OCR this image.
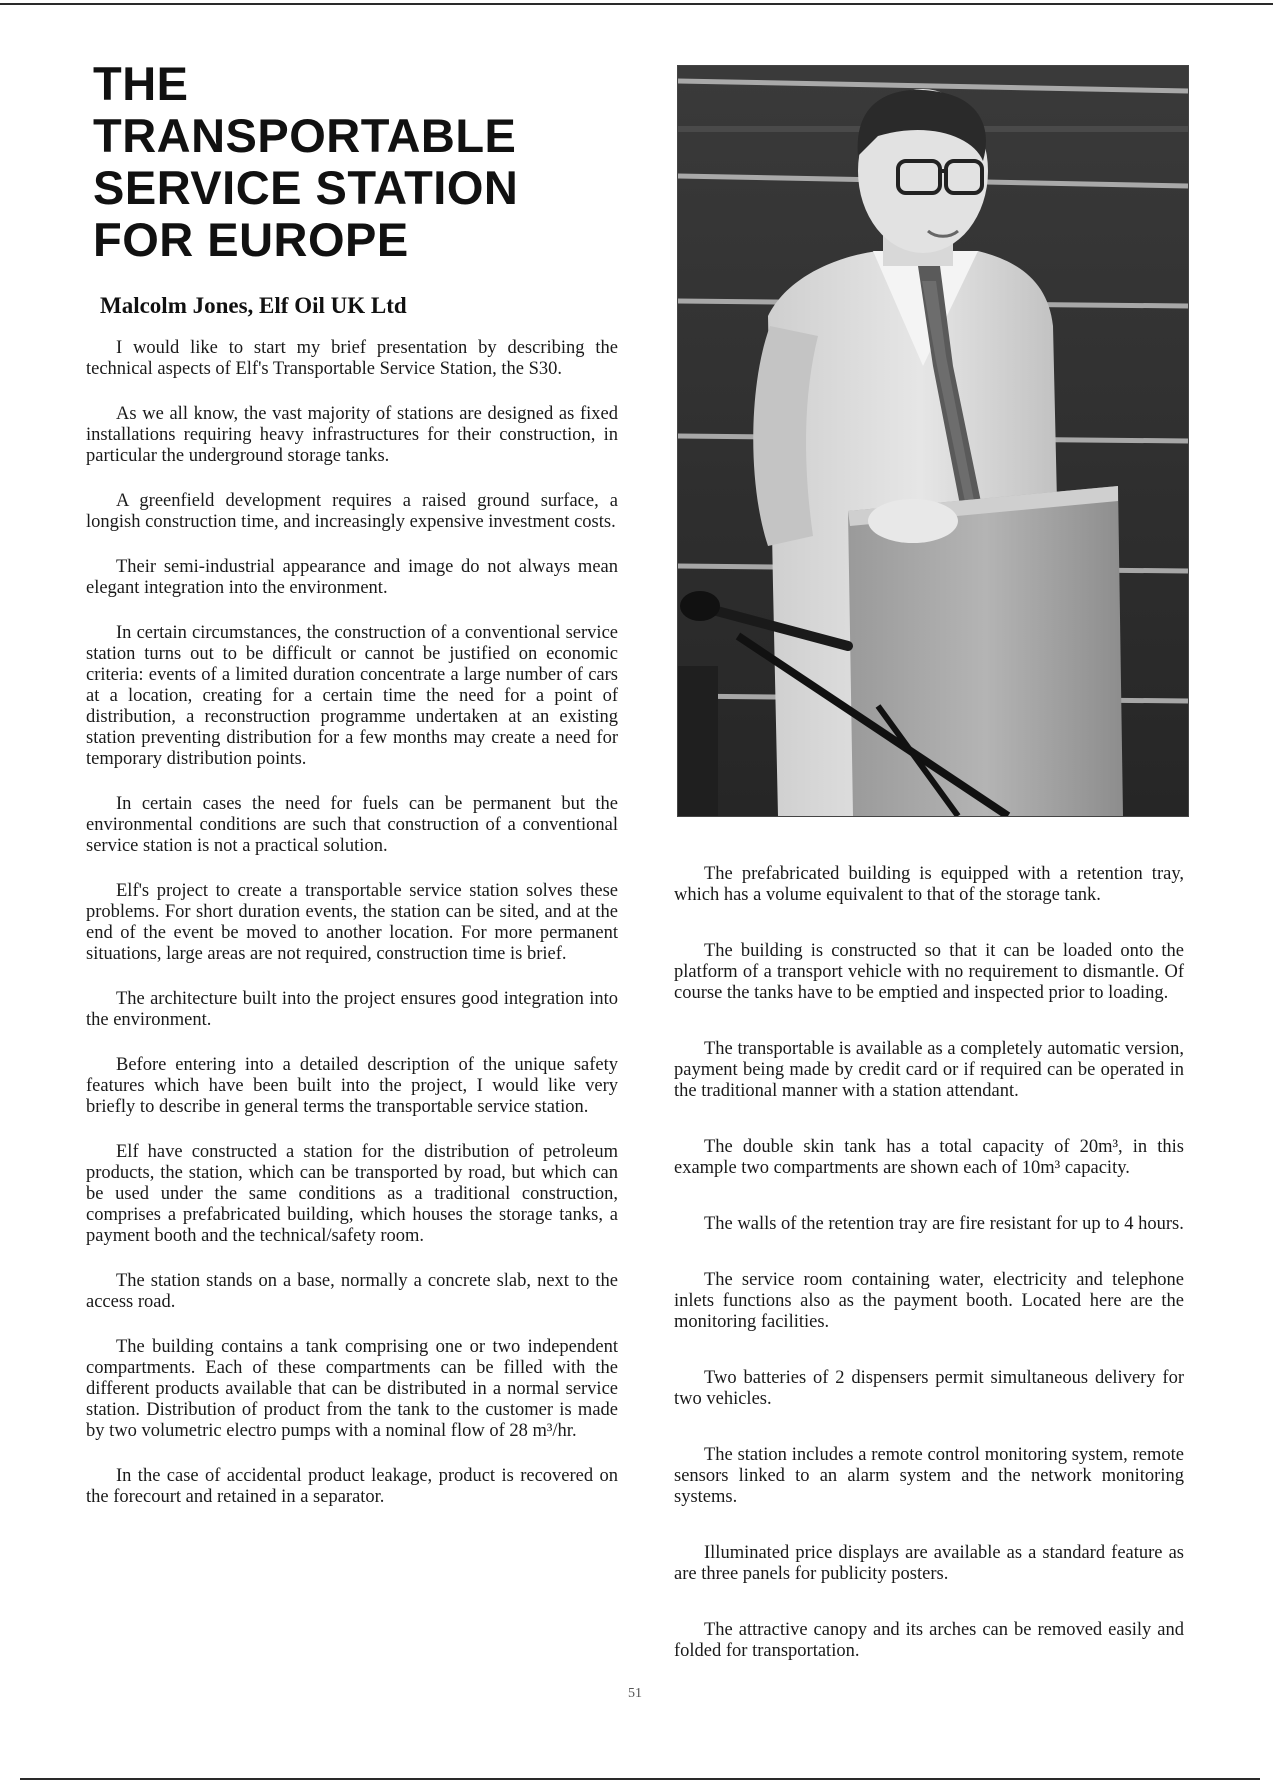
THE
TRANSPORTABLE
SERVICE STATION
FOR EUROPE
Malcolm Jones, Elf Oil UK Ltd

I would like to start my brief presentation by describing the technical aspects of Elf's Transportable Service Station, the S30.

As we all know, the vast majority of stations are designed as fixed installations requiring heavy infrastructures for their construction, in particular the underground storage tanks.

A greenfield development requires a raised ground surface, a longish construction time, and increasingly expensive investment costs.

Their semi-industrial appearance and image do not always mean elegant integration into the environment.

In certain circumstances, the construction of a conventional service station turns out to be difficult or cannot be justified on economic criteria: events of a limited duration concentrate a large number of cars at a location, creating for a certain time the need for a point of distribution, a reconstruction programme undertaken at an existing station preventing distribution for a few months may create a need for temporary distribution points.

In certain cases the need for fuels can be permanent but the environmental conditions are such that construction of a conventional service station is not a practical solution.

Elf's project to create a transportable service station solves these problems. For short duration events, the station can be sited, and at the end of the event be moved to another location. For more permanent situations, large areas are not required, construction time is brief.

The architecture built into the project ensures good integration into the environment.

Before entering into a detailed description of the unique safety features which have been built into the project, I would like very briefly to describe in general terms the transportable service station.

Elf have constructed a station for the distribution of petroleum products, the station, which can be transported by road, but which can be used under the same conditions as a traditional construction, comprises a prefabricated building, which houses the storage tanks, a payment booth and the technical/safety room.

The station stands on a base, normally a concrete slab, next to the access road.

The building contains a tank comprising one or two independent compartments. Each of these compartments can be filled with the different products available that can be distributed in a normal service station. Distribution of product from the tank to the customer is made by two volumetric electro pumps with a nominal flow of 28 m³/hr.

In the case of accidental product leakage, product is recovered on the forecourt and retained in a separator.

The prefabricated building is equipped with a retention tray, which has a volume equivalent to that of the storage tank.

The building is constructed so that it can be loaded onto the platform of a transport vehicle with no requirement to dismantle. Of course the tanks have to be emptied and inspected prior to loading.

The transportable is available as a completely automatic version, payment being made by credit card or if required can be operated in the traditional manner with a station attendant.

The double skin tank has a total capacity of 20m³, in this example two compartments are shown each of 10m³ capacity.

The walls of the retention tray are fire resistant for up to 4 hours.

The service room containing water, electricity and telephone inlets functions also as the payment booth. Located here are the monitoring facilities.

Two batteries of 2 dispensers permit simultaneous delivery for two vehicles.

The station includes a remote control monitoring system, remote sensors linked to an alarm system and the network monitoring systems.

Illuminated price displays are available as a standard feature as are three panels for publicity posters.

The attractive canopy and its arches can be removed easily and folded for transportation.

51
